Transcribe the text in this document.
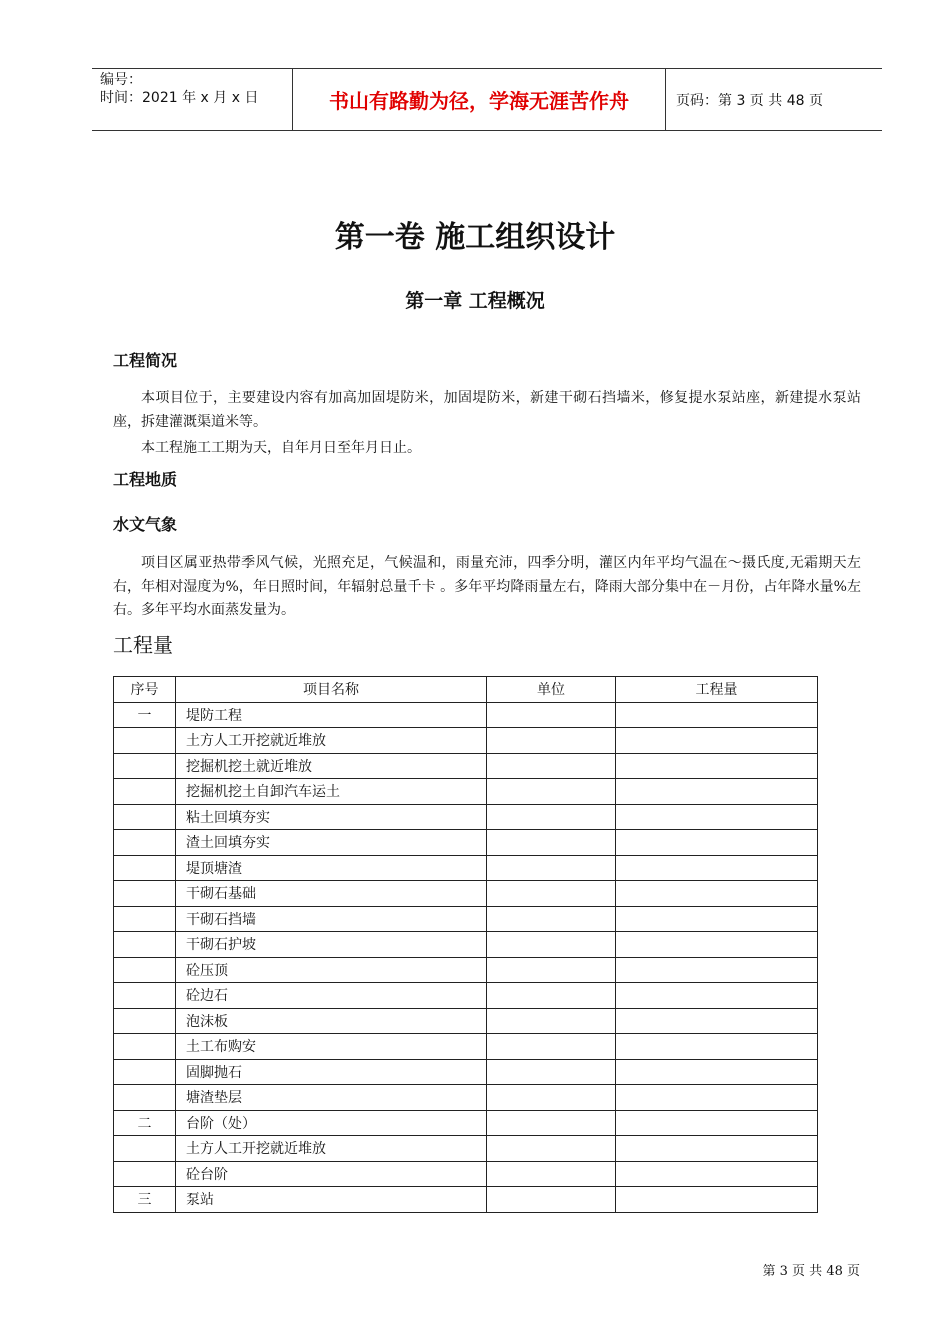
编号：
时间：2021 年 x 月 x 日	书山有路勤为径，学海无涯苦作舟	页码：第 3 页 共 48 页
第一卷 施工组织设计
第一章 工程概况
工程简况
本项目位于，主要建设内容有加高加固堤防米，加固堤防米，新建干砌石挡墙米，修复提水泵站座，新建提水泵站座，拆建灌溉渠道米等。
本工程施工工期为天，自年月日至年月日止。
工程地质
水文气象
项目区属亚热带季风气候，光照充足，气候温和，雨量充沛，四季分明，灌区内年平均气温在～摄氏度,无霜期天左右，年相对湿度为%，年日照时间，年辐射总量千卡 。多年平均降雨量左右，降雨大部分集中在－月份，占年降水量%左右。多年平均水面蒸发量为。
工程量
序号	项目名称	单位	工程量
一	堤防工程		
	土方人工开挖就近堆放		
	挖掘机挖土就近堆放		
	挖掘机挖土自卸汽车运土		
	粘土回填夯实		
	渣土回填夯实		
	堤顶塘渣		
	干砌石基础		
	干砌石挡墙		
	干砌石护坡		
	砼压顶		
	砼边石		
	泡沫板		
	土工布购安		
	固脚抛石		
	塘渣垫层		
二	台阶（处）		
	土方人工开挖就近堆放		
	砼台阶		
三	泵站		
第 3 页 共 48 页
